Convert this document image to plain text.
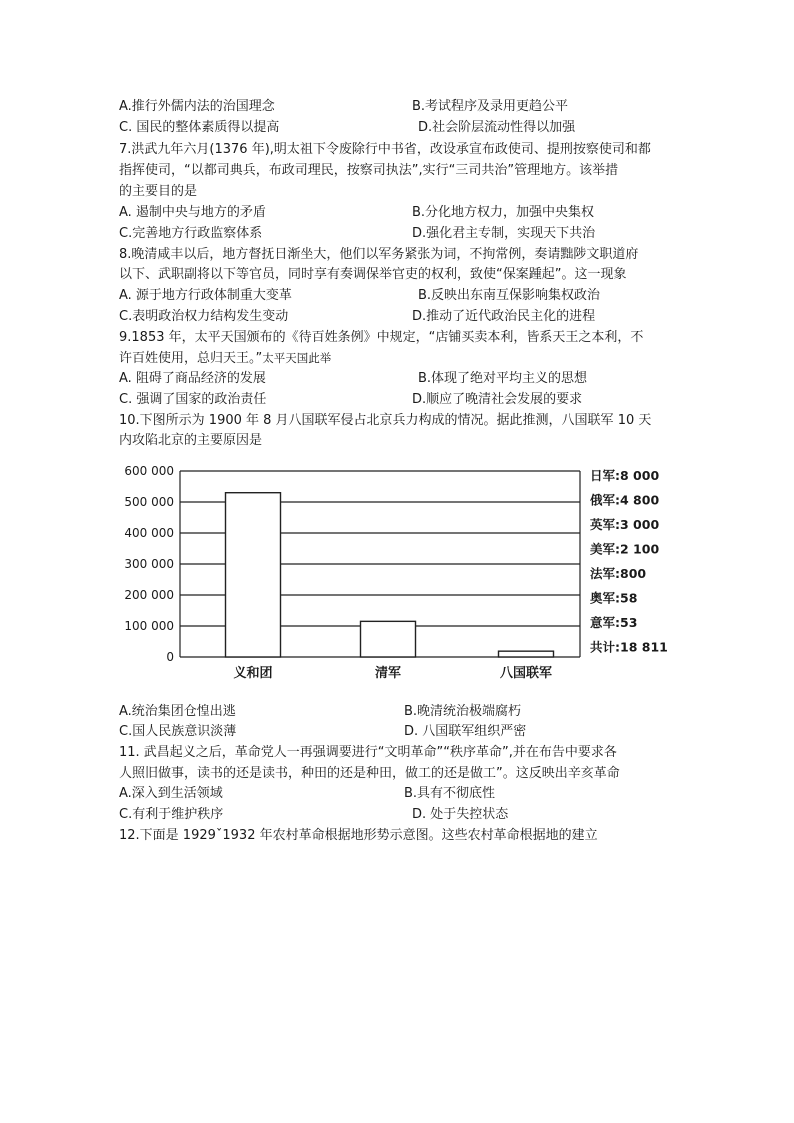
A.推行外儒内法的治国理念	B.考试程序及录用更趋公平
C. 国民的整体素质得以提高	D.社会阶层流动性得以加强
7.洪武九年六月(1376 年),明太祖下令废除行中书省，改设承宣布政使司、提刑按察使司和都
指挥使司，“以都司典兵，布政司理民，按察司执法”,实行“三司共治”管理地方。该举措
的主要目的是
A. 遏制中央与地方的矛盾	B.分化地方权力，加强中央集权
C.完善地方行政监察体系	D.强化君主专制，实现天下共治
8.晚清咸丰以后，地方督抚日渐坐大，他们以军务紧张为词，不拘常例，奏请黜陟文职道府
以下、武职副将以下等官员，同时享有奏调保举官吏的权利，致使“保案踵起”。这一现象
A. 源于地方行政体制重大变革	B.反映出东南互保影响集权政治
C.表明政治权力结构发生变动	D.推动了近代政治民主化的进程
9.1853 年，太平天国颁布的《待百姓条例》中规定，“店铺买卖本利，皆系天王之本利，不
许百姓使用，总归天王。”太平天国此举
A. 阻碍了商品经济的发展	B.体现了绝对平均主义的思想
C. 强调了国家的政治责任	D.顺应了晚清社会发展的要求
10.下图所示为 1900 年 8 月八国联军侵占北京兵力构成的情况。据此推测，八国联军 10 天
内攻陷北京的主要原因是
0
100 000
200 000
300 000
400 000
500 000
600 000
义和团	清军	八国联军
日军:8 000
俄军:4 800
英军:3 000
美军:2 100
法军:800
奥军:58
意军:53
共计:18 811
A.统治集团仓惶出逃	B.晚清统治极端腐朽
C.国人民族意识淡薄	D. 八国联军组织严密
11. 武昌起义之后，革命党人一再强调要进行“文明革命”“秩序革命”,并在布告中要求各
人照旧做事，读书的还是读书，种田的还是种田，做工的还是做工”。这反映出辛亥革命
A.深入到生活领域	B.具有不彻底性
C.有利于维护秩序	D. 处于失控状态
12.下面是 1929ˇ1932 年农村革命根据地形势示意图。这些农村革命根据地的建立
